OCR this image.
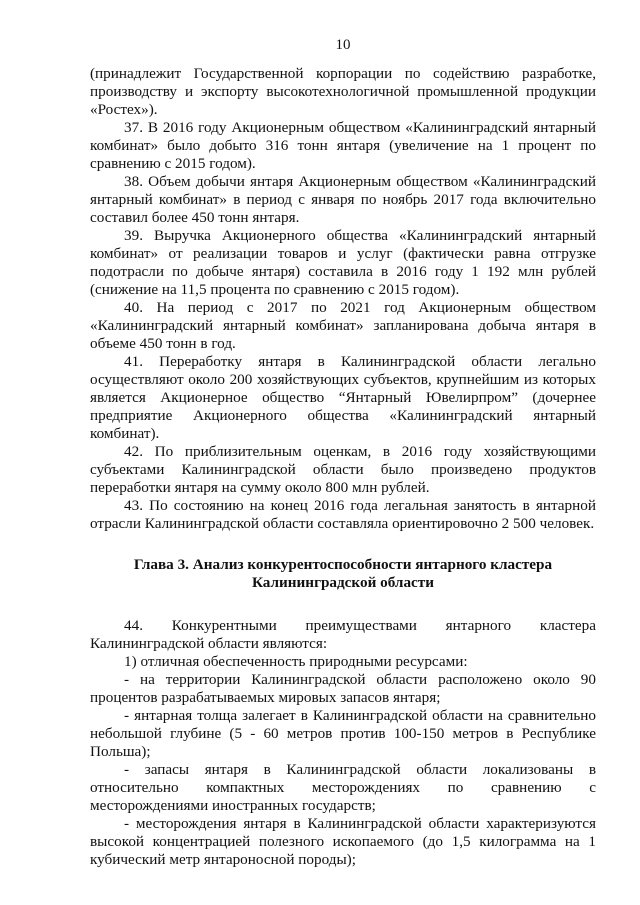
10

(принадлежит Государственной корпорации по содействию разработке, производству и экспорту высокотехнологичной промышленной продукции «Ростех»).

37. В 2016 году Акционерным обществом «Калининградский янтарный комбинат» было добыто 316 тонн янтаря (увеличение на 1 процент по сравнению с 2015 годом).

38. Объем добычи янтаря Акционерным обществом «Калининградский янтарный комбинат» в период с января по ноябрь 2017 года включительно составил более 450 тонн янтаря.

39. Выручка Акционерного общества «Калининградский янтарный комбинат» от реализации товаров и услуг (фактически равна отгрузке подотрасли по добыче янтаря) составила в 2016 году 1 192 млн рублей (снижение на 11,5 процента по сравнению с 2015 годом).

40. На период с 2017 по 2021 год Акционерным обществом «Калининградский янтарный комбинат» запланирована добыча янтаря в объеме 450 тонн в год.

41. Переработку янтаря в Калининградской области легально осуществляют около 200 хозяйствующих субъектов, крупнейшим из которых является Акционерное общество “Янтарный Ювелирпром” (дочернее предприятие Акционерного общества «Калининградский янтарный комбинат).

42. По приблизительным оценкам, в 2016 году хозяйствующими субъектами Калининградской области было произведено продуктов переработки янтаря на сумму около 800 млн рублей.

43. По состоянию на конец 2016 года легальная занятость в янтарной отрасли Калининградской области составляла ориентировочно 2 500 человек.

Глава 3. Анализ конкурентоспособности янтарного кластера
Калининградской области

44. Конкурентными преимуществами янтарного кластера Калининградской области являются:

1) отличная обеспеченность природными ресурсами:

- на территории Калининградской области расположено около 90 процентов разрабатываемых мировых запасов янтаря;

- янтарная толща залегает в Калининградской области на сравнительно небольшой глубине (5 - 60 метров против 100-150 метров в Республике Польша);

- запасы янтаря в Калининградской области локализованы в относительно компактных месторождениях по сравнению с месторождениями иностранных государств;

- месторождения янтаря в Калининградской области характеризуются высокой концентрацией полезного ископаемого (до 1,5 килограмма на 1 кубический метр янтароносной породы);
